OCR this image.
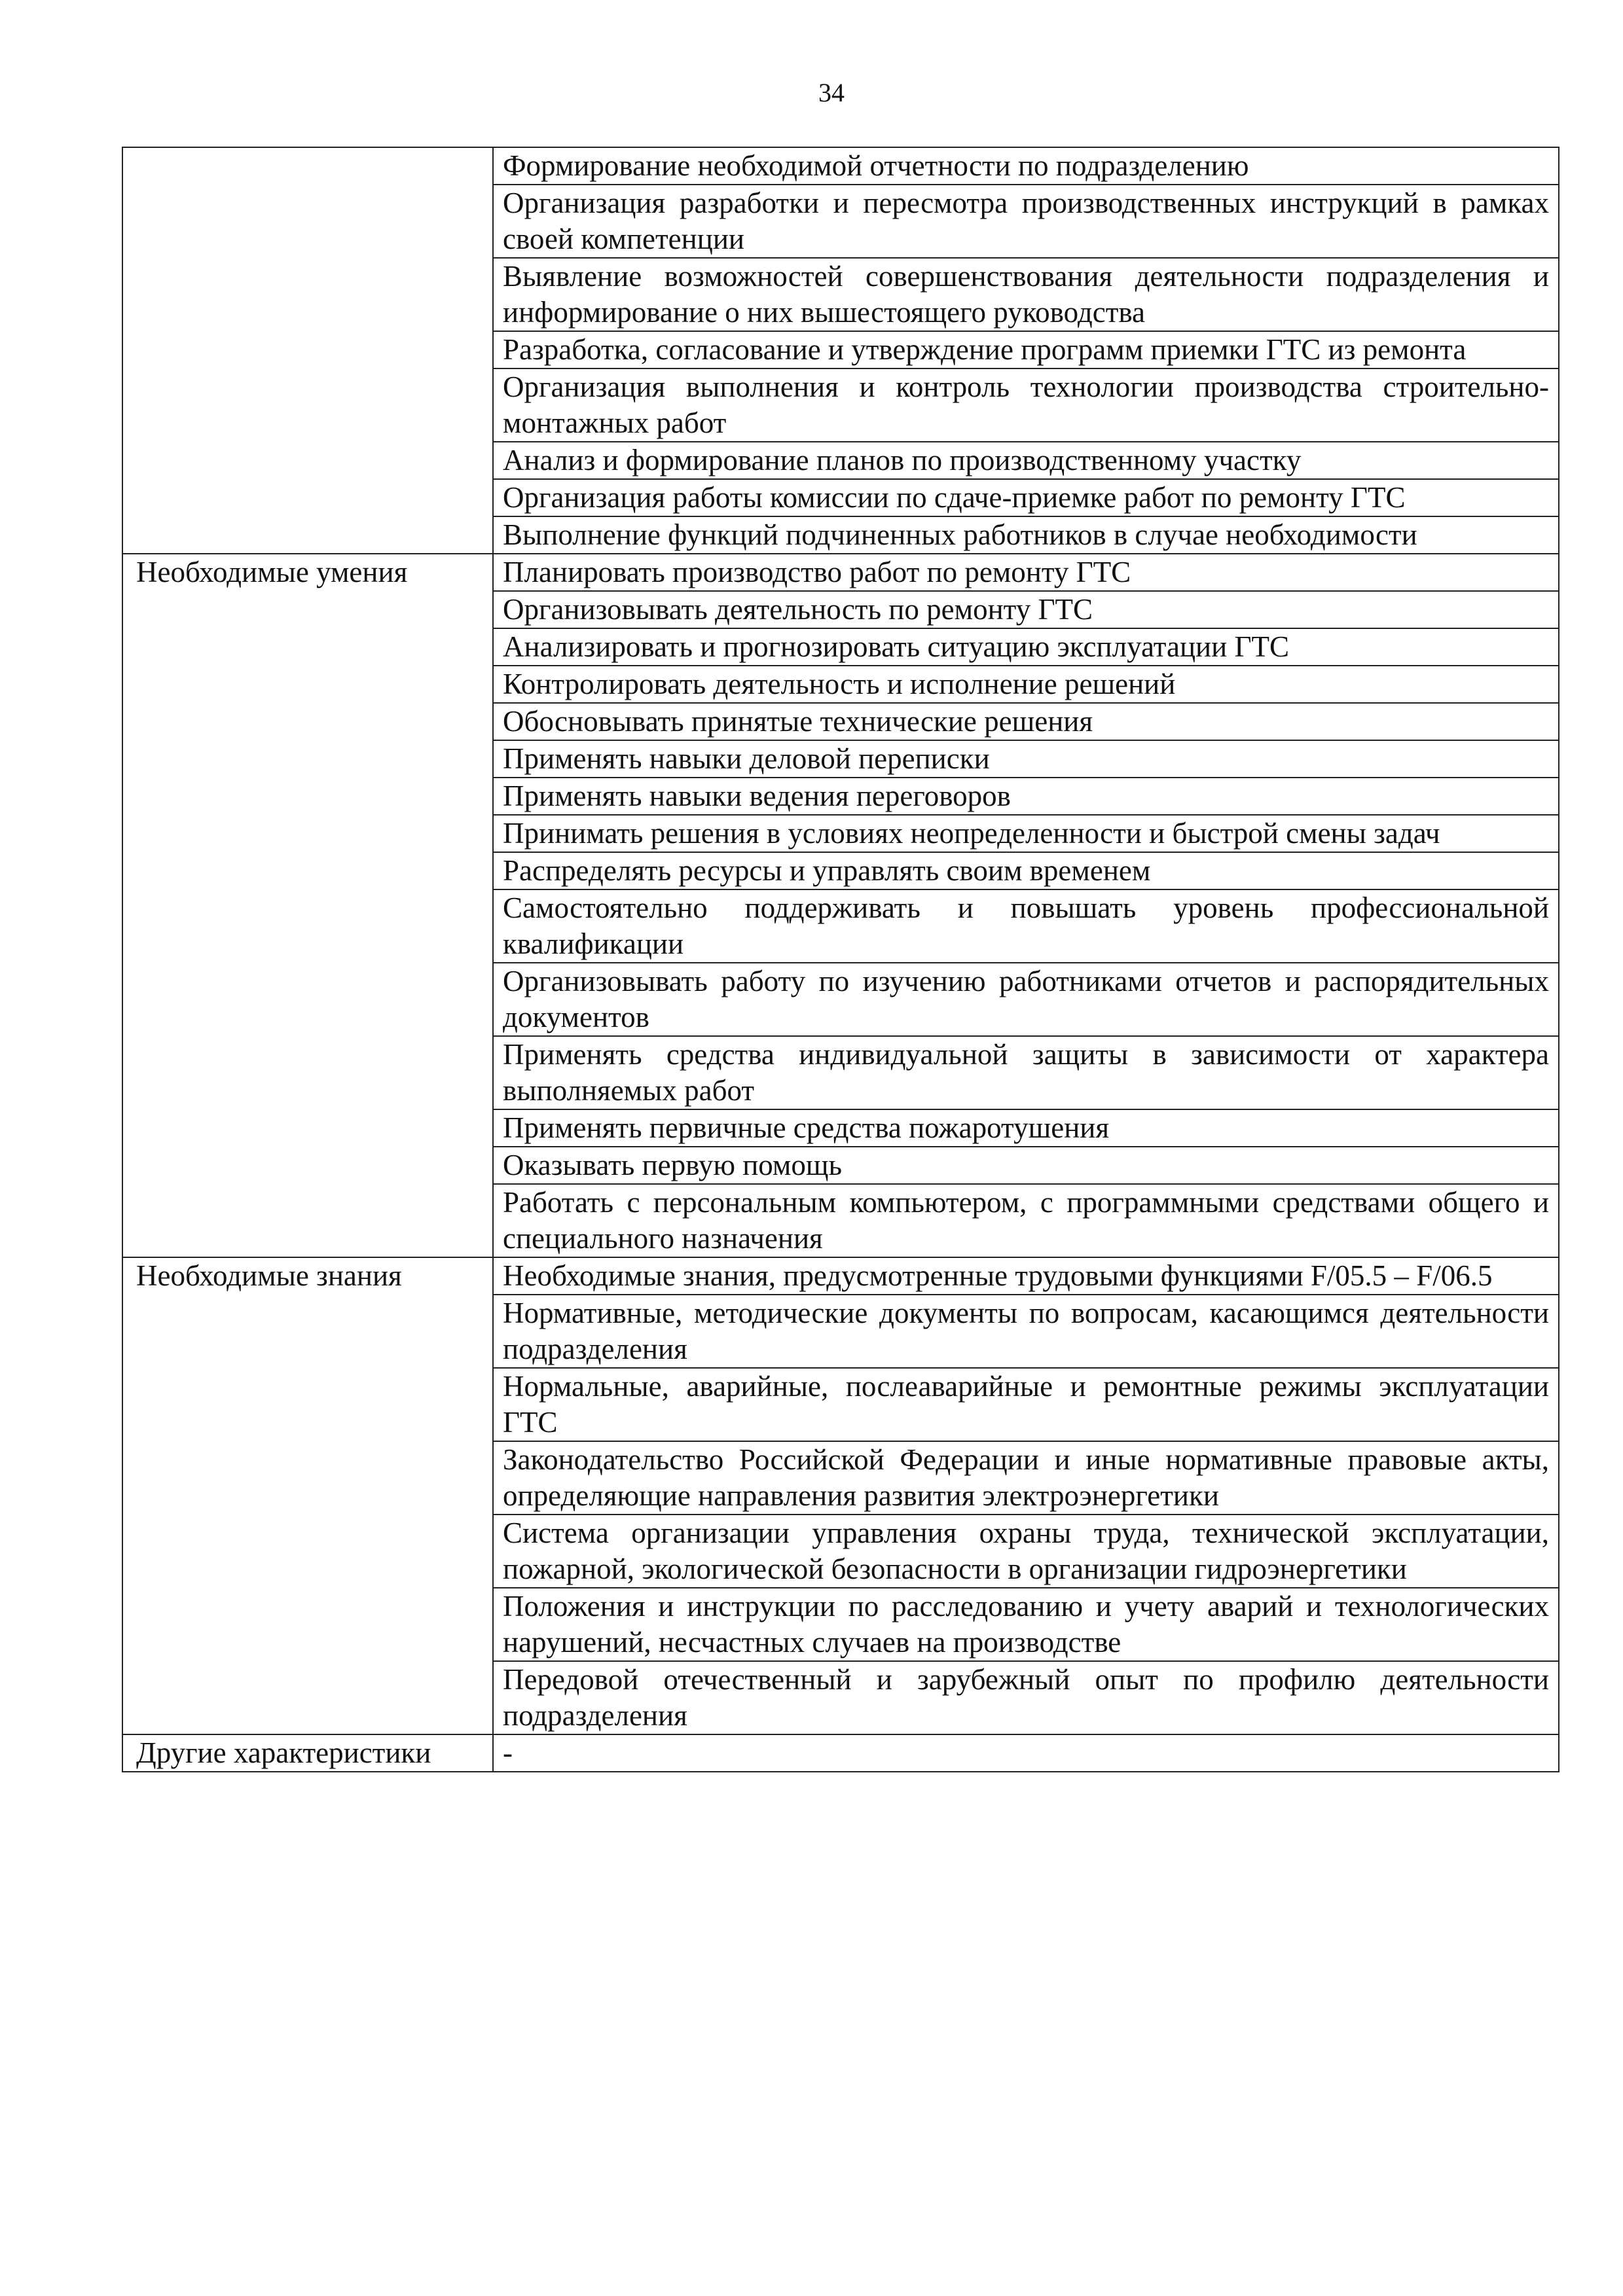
34
	Формирование необходимой отчетности по подразделению
	Организация разработки и пересмотра производственных инструкций в рамках своей компетенции
	Выявление возможностей совершенствования деятельности подразделения и информирование о них вышестоящего руководства
	Разработка, согласование и утверждение программ приемки ГТС из ремонта
	Организация выполнения и контроль технологии производства строительно-монтажных работ
	Анализ и формирование планов по производственному участку
	Организация работы комиссии по сдаче-приемке работ по ремонту ГТС
	Выполнение функций подчиненных работников в случае необходимости
Необходимые умения	Планировать производство работ по ремонту ГТС
	Организовывать деятельность по ремонту ГТС
	Анализировать и прогнозировать ситуацию эксплуатации ГТС
	Контролировать деятельность и исполнение решений
	Обосновывать принятые технические решения
	Применять навыки деловой переписки
	Применять навыки ведения переговоров
	Принимать решения в условиях неопределенности и быстрой смены задач
	Распределять ресурсы и управлять своим временем
	Самостоятельно поддерживать и повышать уровень профессиональной квалификации
	Организовывать работу по изучению работниками отчетов и распорядительных документов
	Применять средства индивидуальной защиты в зависимости от характера выполняемых работ
	Применять первичные средства пожаротушения
	Оказывать первую помощь
	Работать с персональным компьютером, с программными средствами общего и специального назначения
Необходимые знания	Необходимые знания, предусмотренные трудовыми функциями F/05.5 – F/06.5
	Нормативные, методические документы по вопросам, касающимся деятельности подразделения
	Нормальные, аварийные, послеаварийные и ремонтные режимы эксплуатации ГТС
	Законодательство Российской Федерации и иные нормативные правовые акты, определяющие направления развития электроэнергетики
	Система организации управления охраны труда, технической эксплуатации, пожарной, экологической безопасности в организации гидроэнергетики
	Положения и инструкции по расследованию и учету аварий и технологических нарушений, несчастных случаев на производстве
	Передовой отечественный и зарубежный опыт по профилю деятельности подразделения
Другие характеристики	-
